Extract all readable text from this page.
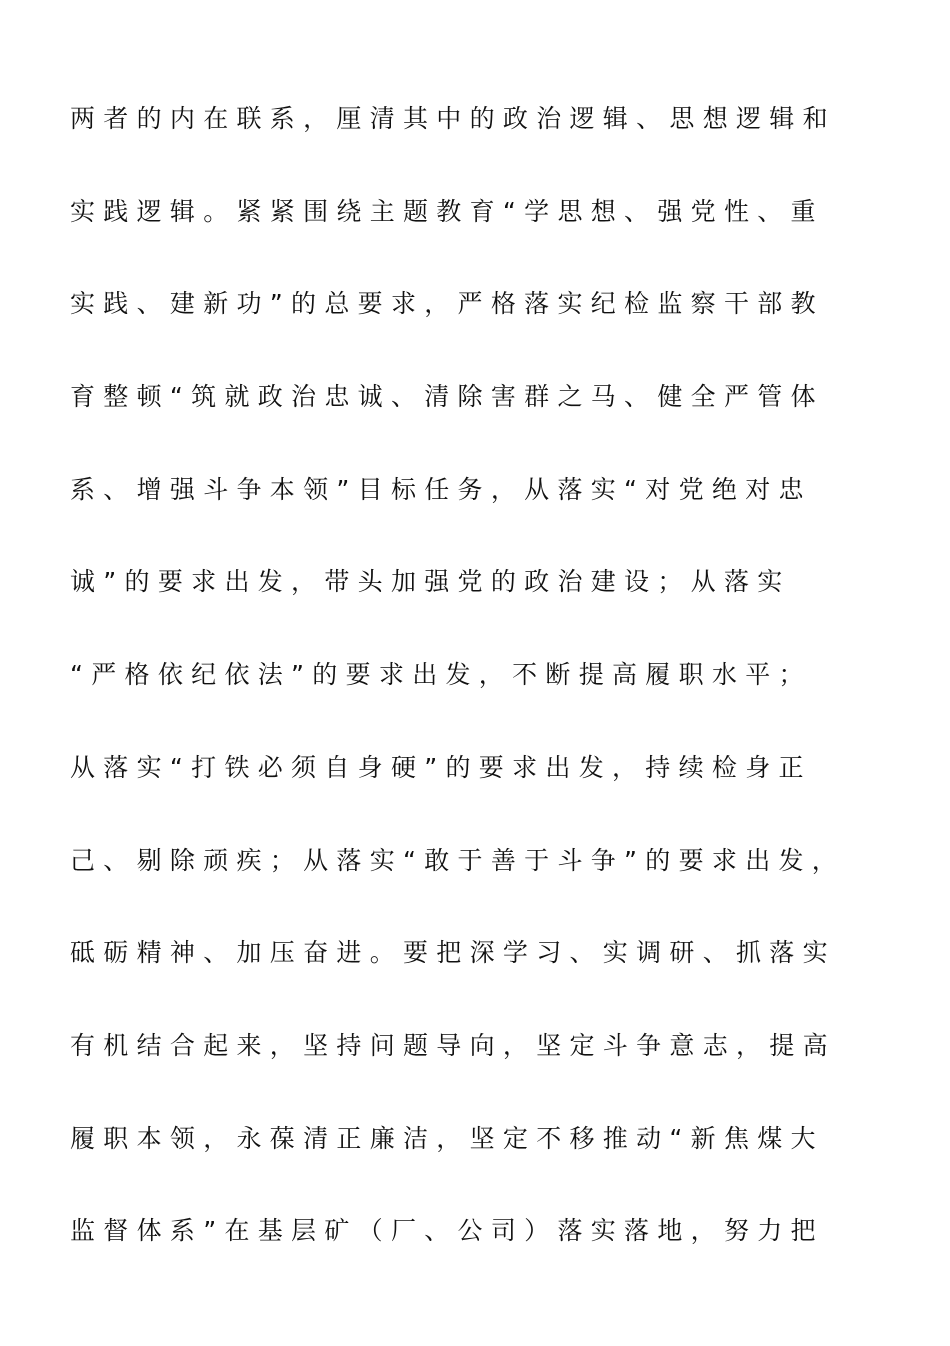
两者的内在联系，厘清其中的政治逻辑、思想逻辑和
实践逻辑。紧紧围绕主题教育“学思想、强党性、重
实践、建新功”的总要求，严格落实纪检监察干部教
育整顿“筑就政治忠诚、清除害群之马、健全严管体
系、增强斗争本领”目标任务，从落实“对党绝对忠
诚”的要求出发，带头加强党的政治建设；从落实
“严格依纪依法”的要求出发，不断提高履职水平；
从落实“打铁必须自身硬”的要求出发，持续检身正
己、剔除顽疾；从落实“敢于善于斗争”的要求出发，
砥砺精神、加压奋进。要把深学习、实调研、抓落实
有机结合起来，坚持问题导向，坚定斗争意志，提高
履职本领，永葆清正廉洁，坚定不移推动“新焦煤大
监督体系”在基层矿（厂、公司）落实落地，努力把
